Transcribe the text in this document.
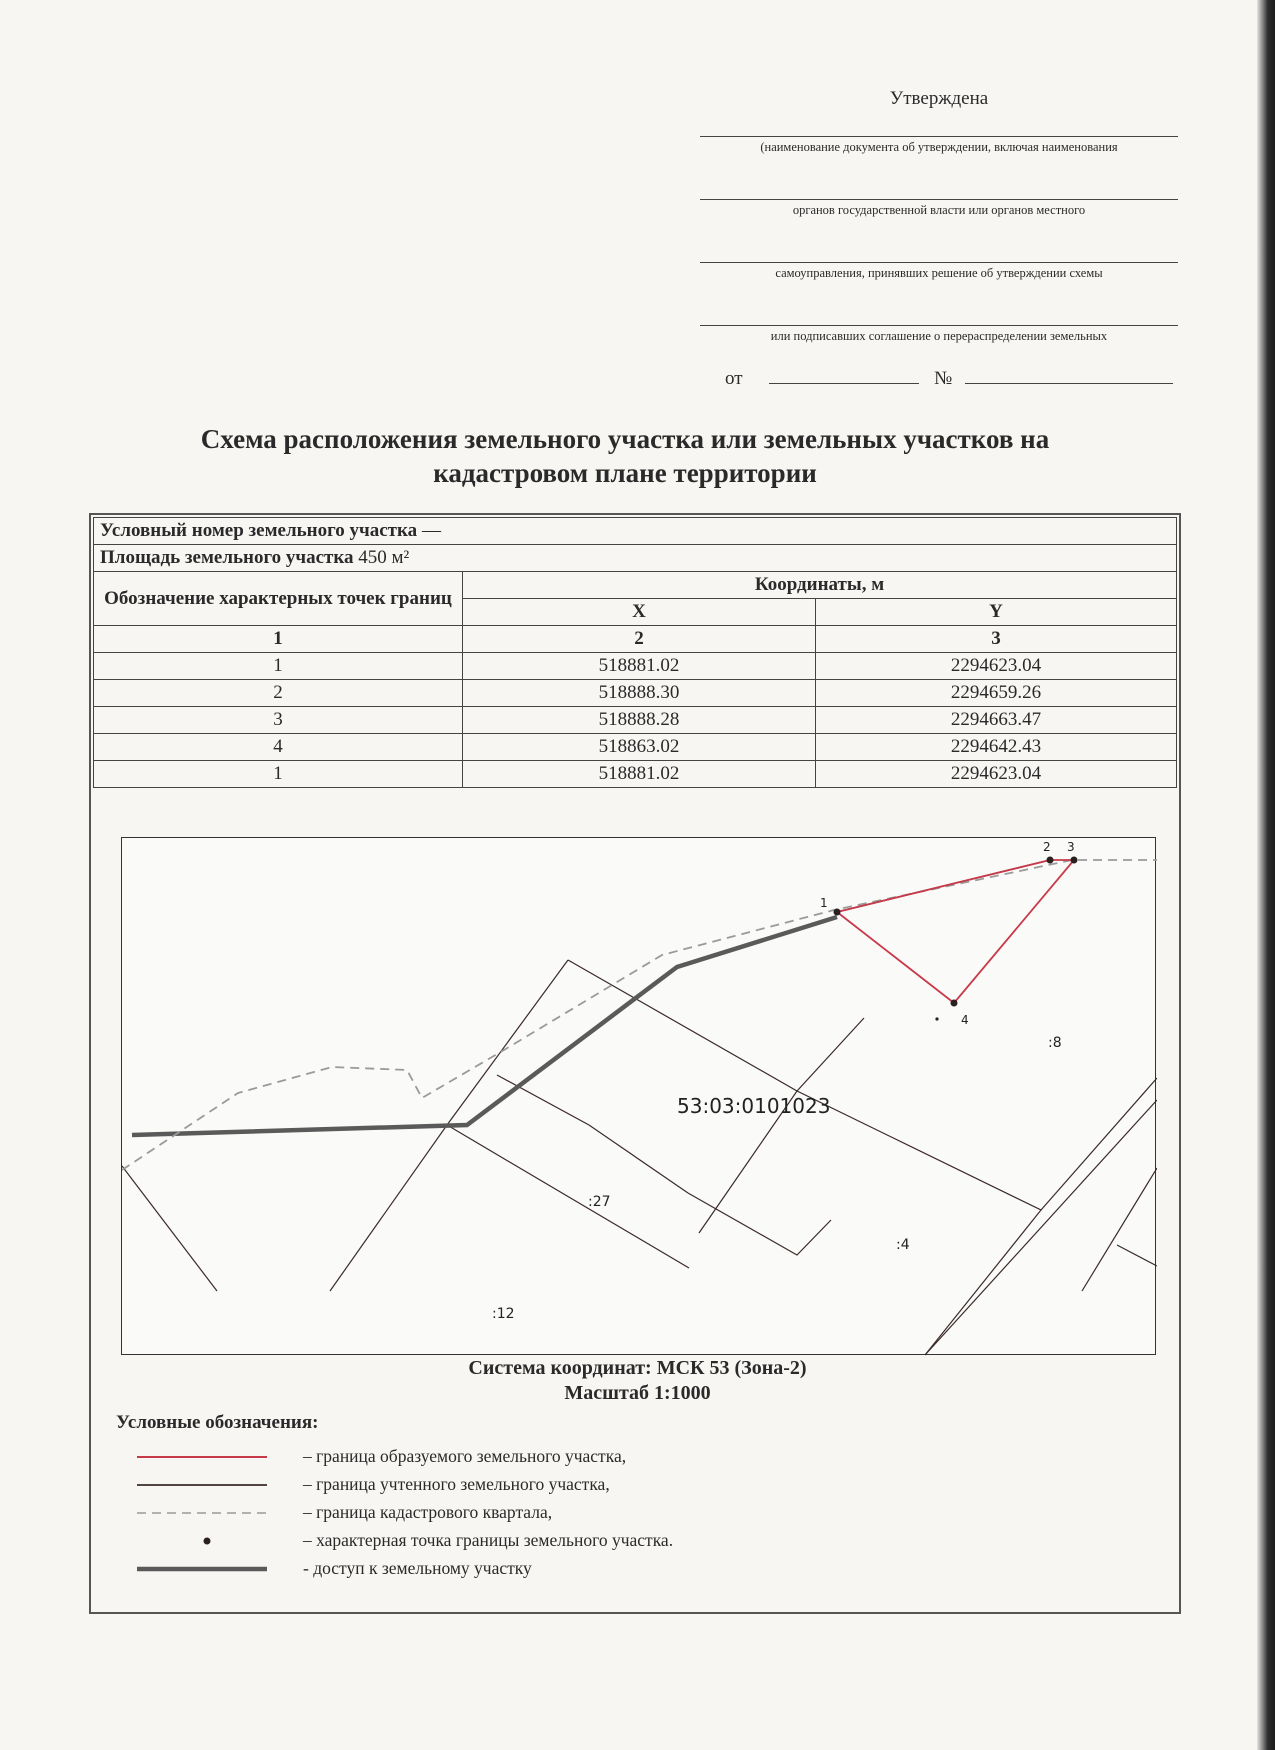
Утверждена
(наименование документа об утверждении, включая наименования
органов государственной власти или органов местного
самоуправления, принявших решение об утверждении схемы
или подписавших соглашение о перераспределении земельных
от	№
Схема расположения земельного участка или земельных участков на
кадастровом плане территории
Условный номер земельного участка —		
Площадь земельного участка 450 м²		
Обозначение характерных точек границ	Координаты, м	
	X	Y
1	2	3
1	518881.02	2294623.04
2	518888.30	2294659.26
3	518888.28	2294663.47
4	518863.02	2294642.43
1	518881.02	2294623.04
1
2 3
4
53:03:0101023
:8
:27
:4
:12
Система координат: МСК 53 (Зона-2)
Масштаб 1:1000
Условные обозначения:
– граница образуемого земельного участка,
– граница учтенного земельного участка,
– граница кадастрового квартала,
– характерная точка границы земельного участка.
- доступ к земельному участку
